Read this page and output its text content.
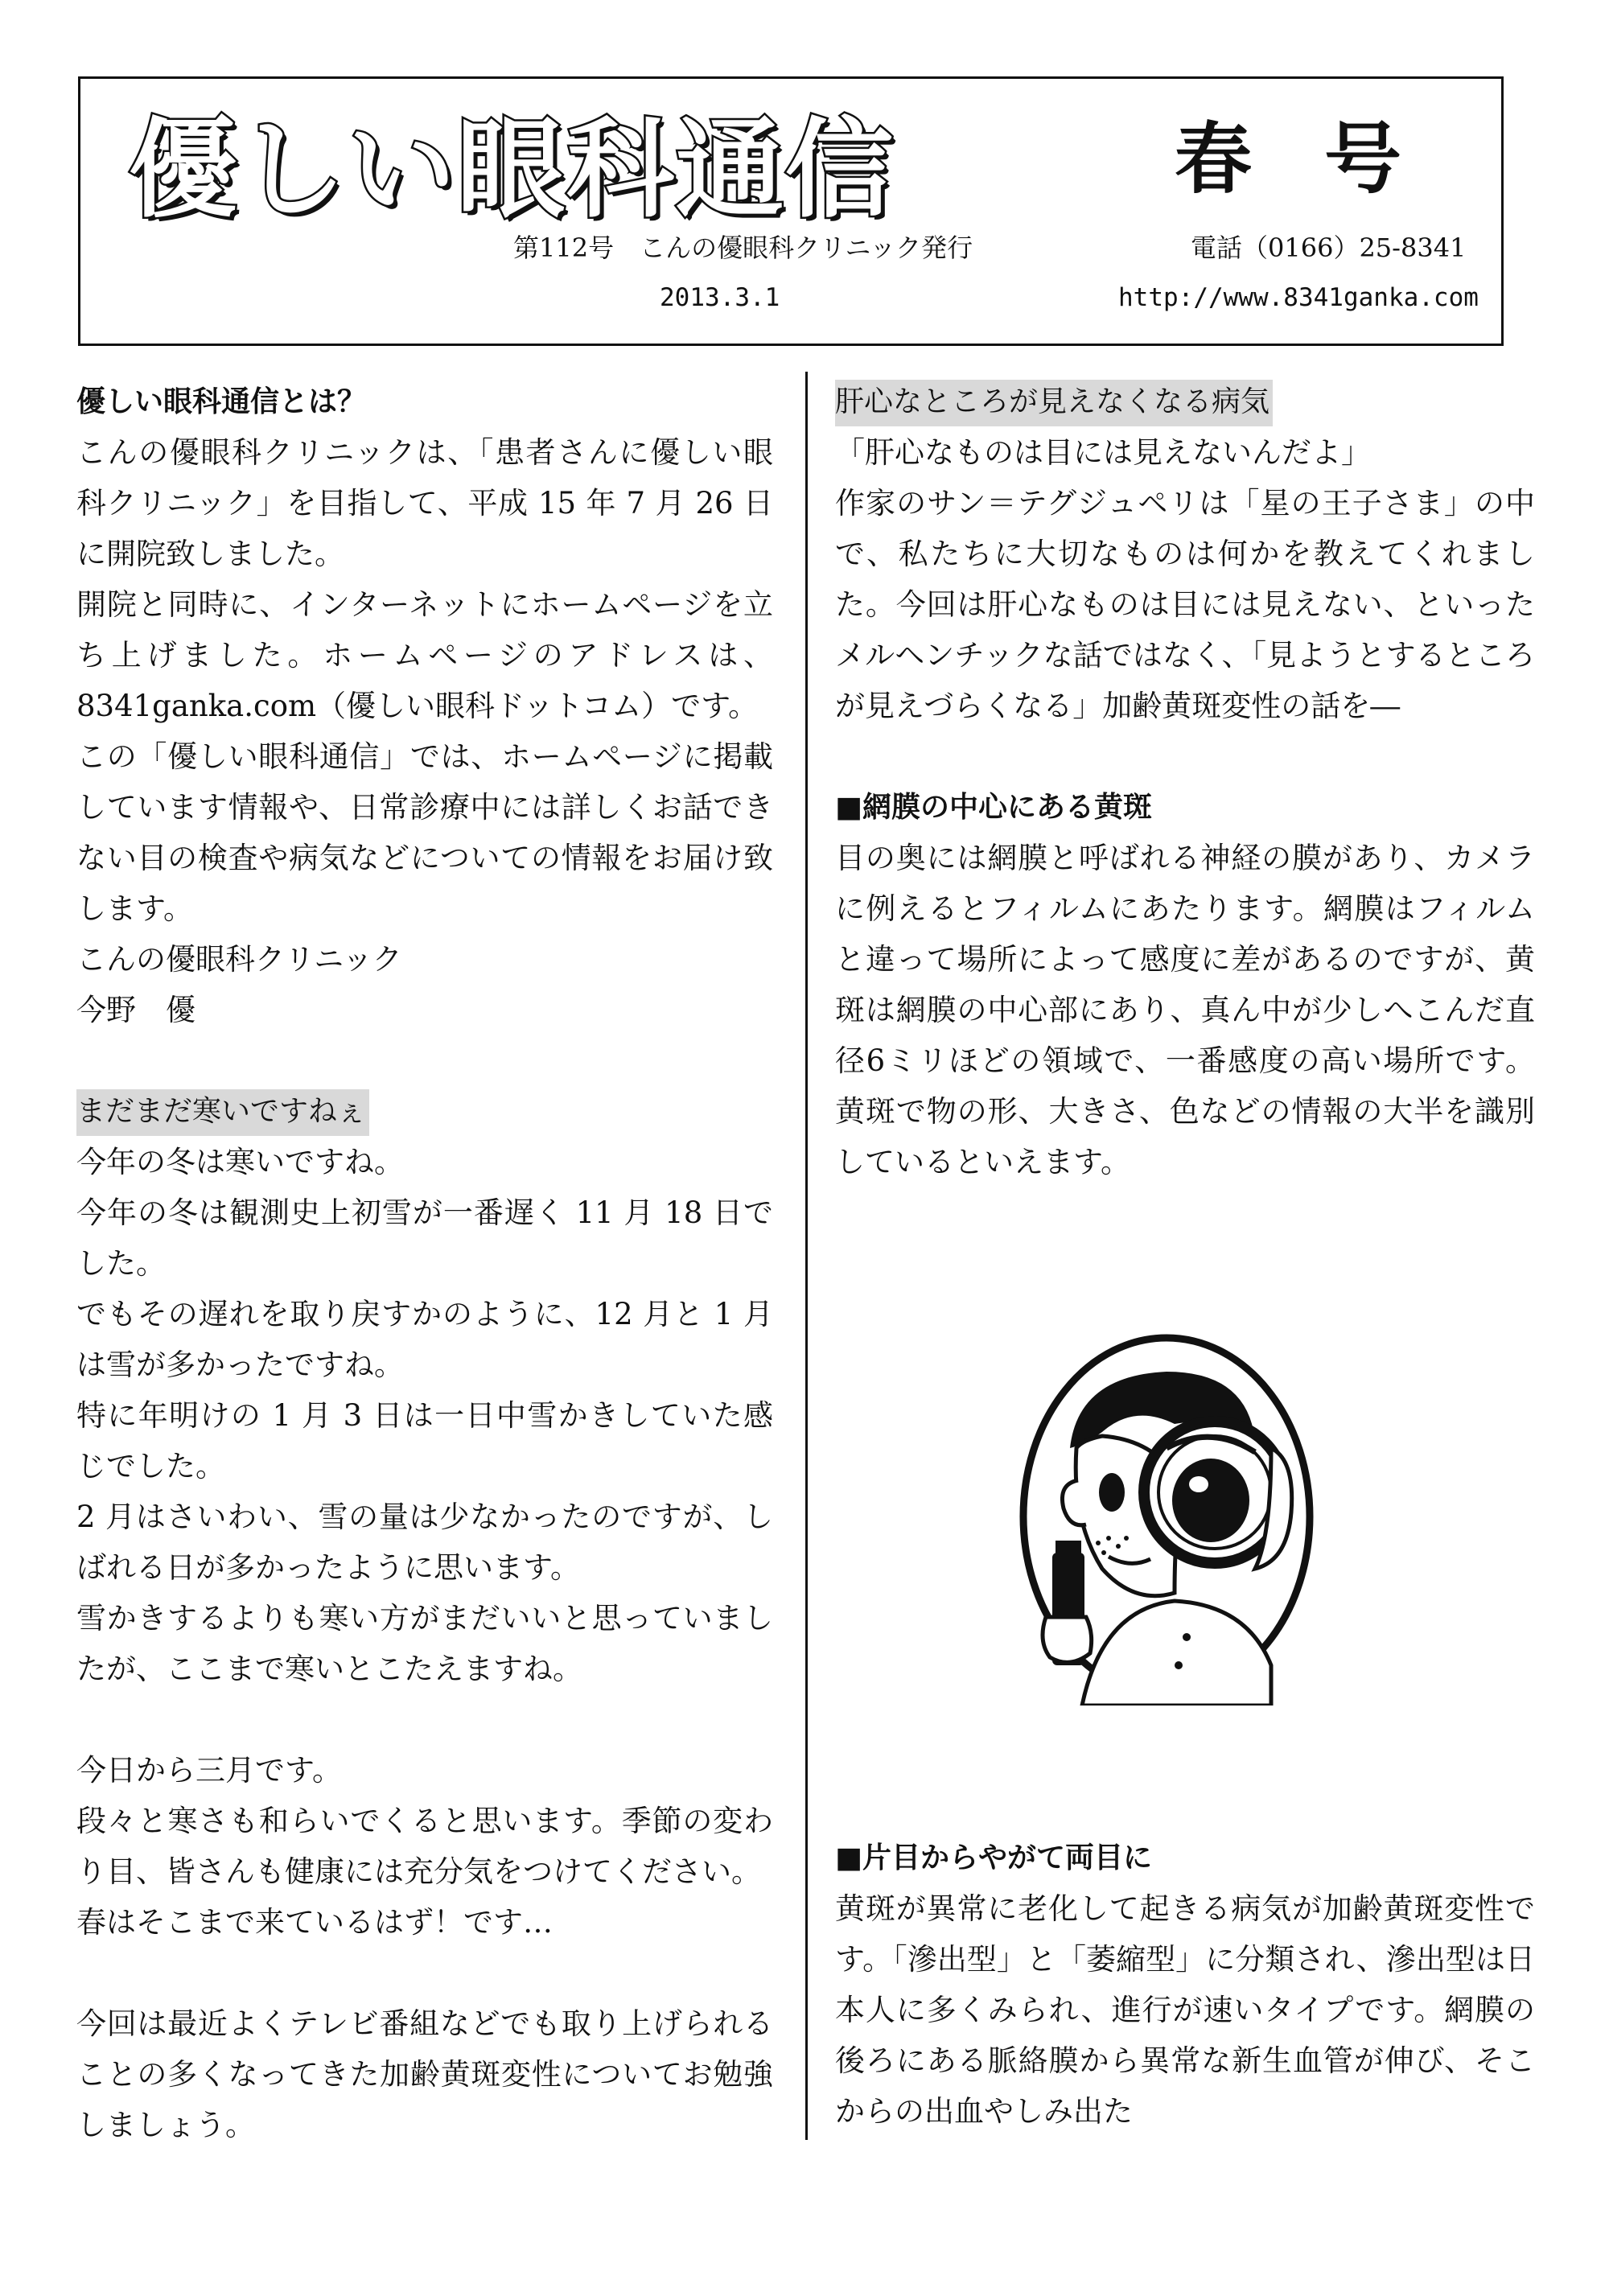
優しい眼科通信	春号
第112号　こんの優眼科クリニック発行	電話（0166）25-8341
2013.3.1	http://www.8341ganka.com

優しい眼科通信とは？

こんの優眼科クリニックは、「患者さんに優しい眼科クリニック」を目指して、平成 15 年 7 月 26 日に開院致しました。

開院と同時に、インターネットにホームページを立ち上げました。ホームページのアドレスは、8341ganka.com（優しい眼科ドットコム）です。

この「優しい眼科通信」では、ホームページに掲載しています情報や、日常診療中には詳しくお話できない目の検査や病気などについての情報をお届け致します。

こんの優眼科クリニック

今野　優

まだまだ寒いですねぇ

今年の冬は寒いですね。

今年の冬は観測史上初雪が一番遅く 11 月 18 日でした。

でもその遅れを取り戻すかのように、12 月と 1 月は雪が多かったですね。

特に年明けの 1 月 3 日は一日中雪かきしていた感じでした。

2 月はさいわい、雪の量は少なかったのですが、しばれる日が多かったように思います。

雪かきするよりも寒い方がまだいいと思っていましたが、ここまで寒いとこたえますね。

今日から三月です。

段々と寒さも和らいでくると思います。季節の変わり目、皆さんも健康には充分気をつけてください。

春はそこまで来ているはず！です…

今回は最近よくテレビ番組などでも取り上げられることの多くなってきた加齢黄斑変性についてお勉強しましょう。

肝心なところが見えなくなる病気

「肝心なものは目には見えないんだよ」

作家のサン＝テグジュペリは「星の王子さま」の中で、私たちに大切なものは何かを教えてくれました。今回は肝心なものは目には見えない、といったメルヘンチックな話ではなく、「見ようとするところが見えづらくなる」加齢黄斑変性の話を―

■網膜の中心にある黄斑

目の奥には網膜と呼ばれる神経の膜があり、カメラに例えるとフィルムにあたります。網膜はフィルムと違って場所によって感度に差があるのですが、黄斑は網膜の中心部にあり、真ん中が少しへこんだ直径6ミリほどの領域で、一番感度の高い場所です。黄斑で物の形、大きさ、色などの情報の大半を識別しているといえます。

■片目からやがて両目に

黄斑が異常に老化して起きる病気が加齢黄斑変性です。「滲出型」と「萎縮型」に分類され、滲出型は日本人に多くみられ、進行が速いタイプです。網膜の後ろにある脈絡膜から異常な新生血管が伸び、そこからの出血やしみ出た
